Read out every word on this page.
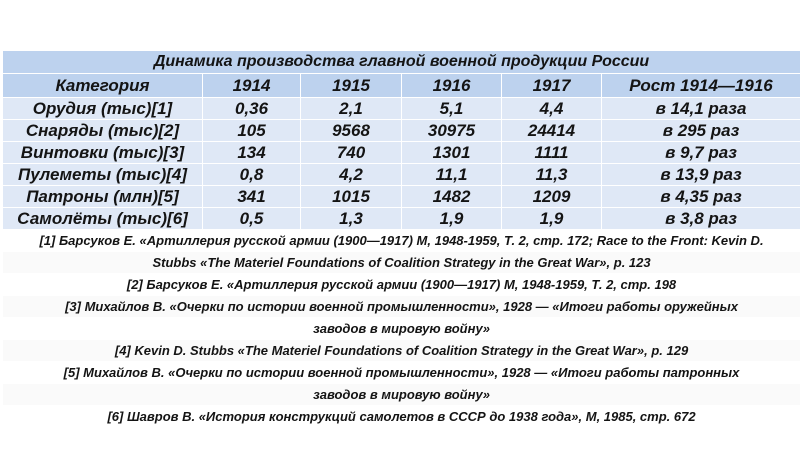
Динамика производства главной военной продукции России					
Категория	1914	1915	1916	1917	Рост 1914—1916
Орудия (тыс)[1]	0,36	2,1	5,1	4,4	в 14,1 раза
Снаряды (тыс)[2]	105	9568	30975	24414	в 295 раз
Винтовки (тыс)[3]	134	740	1301	1111	в 9,7 раз
Пулеметы (тыс)[4]	0,8	4,2	11,1	11,3	в 13,9 раз
Патроны (млн)[5]	341	1015	1482	1209	в 4,35 раз
Самолёты (тыс)[6]	0,5	1,3	1,9	1,9	в 3,8 раз
[1] Барсуков Е. «Артиллерия русской армии (1900—1917) М, 1948-1959, Т. 2, стр. 172; Race to the Front: Kevin D.					
Stubbs «The Materiel Foundations of Coalition Strategy in the Great War», p. 123					
[2] Барсуков Е. «Артиллерия русской армии (1900—1917) М, 1948-1959, Т. 2, стр. 198					
[3] Михайлов В. «Очерки по истории военной промышленности», 1928 — «Итоги работы оружейных					
заводов в мировую войну»					
[4] Kevin D. Stubbs «The Materiel Foundations of Coalition Strategy in the Great War», p. 129					
[5] Михайлов В. «Очерки по истории военной промышленности», 1928 — «Итоги работы патронных					
заводов в мировую войну»					
[6] Шавров В. «История конструкций самолетов в СССР до 1938 года», М, 1985, стр. 672					
